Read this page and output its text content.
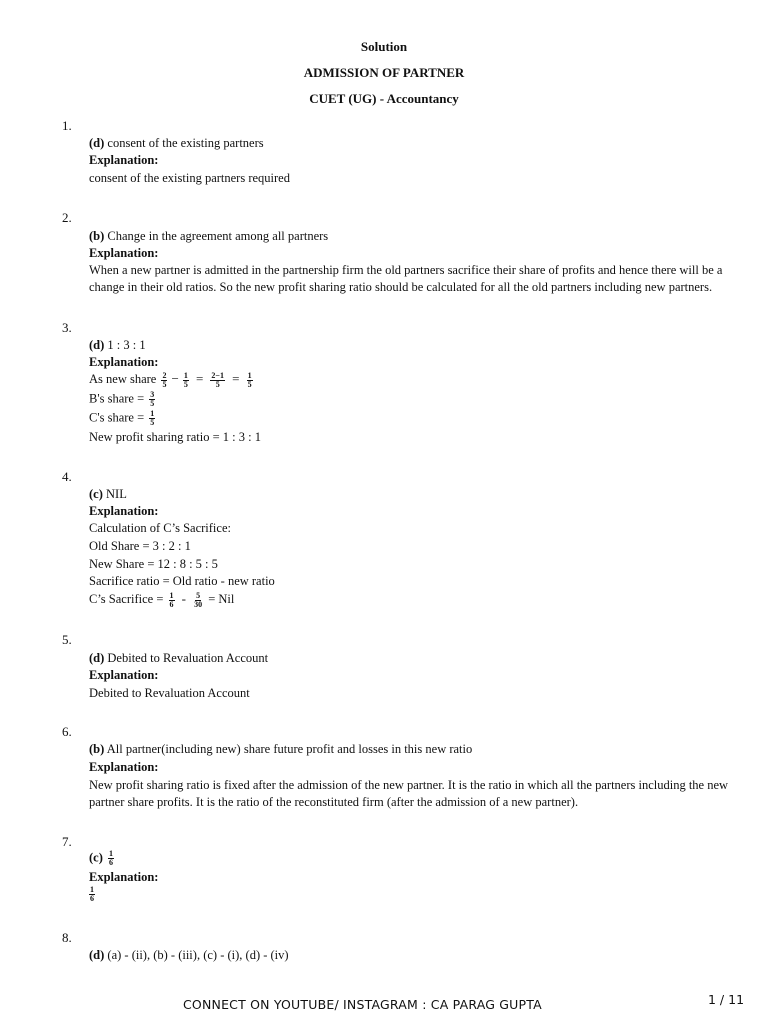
Solution
ADMISSION OF PARTNER
CUET (UG) - Accountancy
1.
(d) consent of the existing partners
Explanation:
consent of the existing partners required
2.
(b) Change in the agreement among all partners
Explanation:
When a new partner is admitted in the partnership firm the old partners sacrifice their share of profits and hence there will be a change in their old ratios. So the new profit sharing ratio should be calculated for all the old partners including new partners.
3.
(d) 1 : 3 : 1
Explanation:
As new share $\frac{2}{5} - \frac{1}{5} = \frac{2-1}{5} = \frac{1}{5}$
B's share = $\frac{3}{5}$
C's share = $\frac{1}{5}$
New profit sharing ratio = 1 : 3 : 1
4.
(c) NIL
Explanation:
Calculation of C’s Sacrifice:
Old Share = 3 : 2 : 1
New Share = 12 : 8 : 5 : 5
Sacrifice ratio = Old ratio - new ratio
C’s Sacrifice = $\frac{1}{6} - \frac{5}{30}$ = Nil
5.
(d) Debited to Revaluation Account
Explanation:
Debited to Revaluation Account
6.
(b) All partner(including new) share future profit and losses in this new ratio
Explanation:
New profit sharing ratio is fixed after the admission of the new partner. It is the ratio in which all the partners including the new partner share profits. It is the ratio of the reconstituted firm (after the admission of a new partner).
7.
$(c) \frac{1}{6}$
Explanation:
$\frac{1}{6}$
8.
(d) (a) - (ii), (b) - (iii), (c) - (i), (d) - (iv)
CONNECT ON YOUTUBE/ INSTAGRAM : CA PARAG GUPTA	1 / 11
